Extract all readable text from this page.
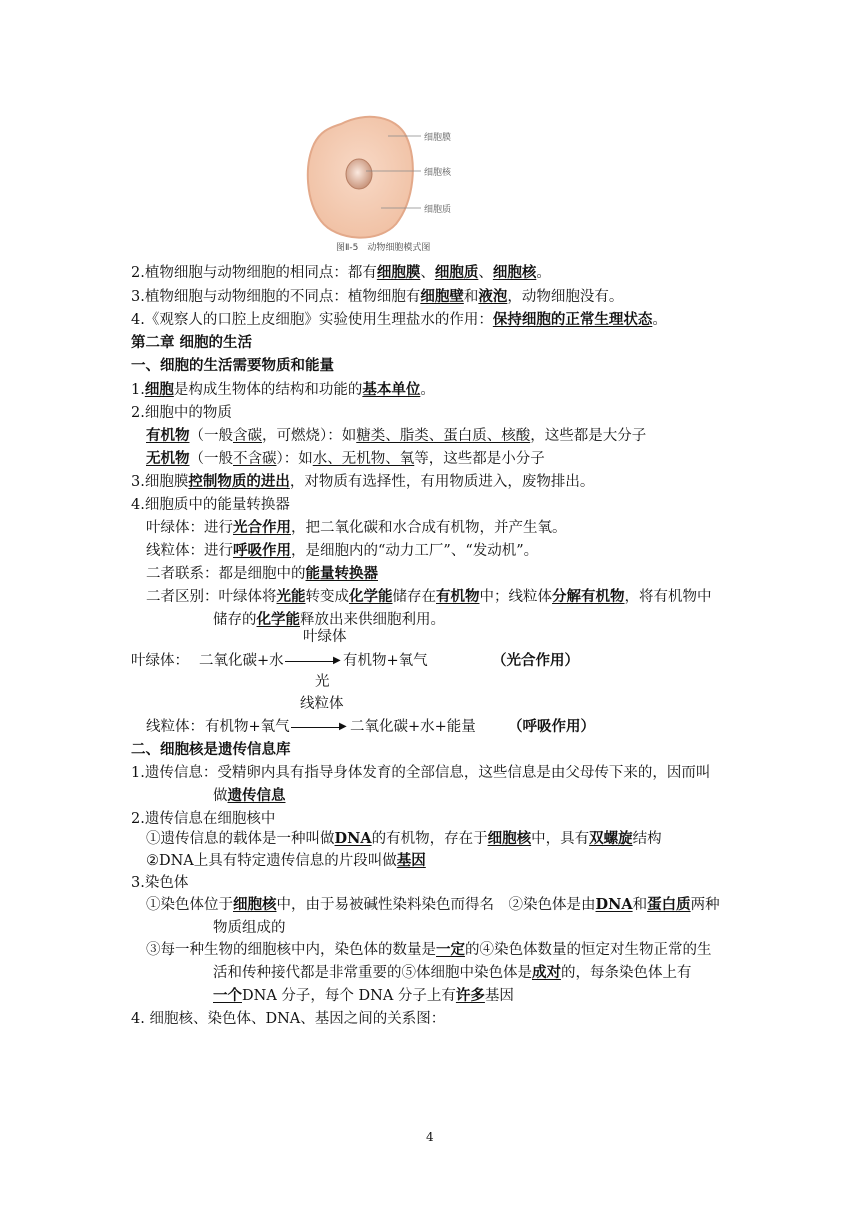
细胞膜
细胞核
细胞质
图Ⅱ-5　动物细胞模式图
2.植物细胞与动物细胞的相同点：都有细胞膜、细胞质、细胞核。
3.植物细胞与动物细胞的不同点：植物细胞有细胞壁和液泡，动物细胞没有。
4.《观察人的口腔上皮细胞》实验使用生理盐水的作用：保持细胞的正常生理状态。
第二章 细胞的生活
一、细胞的生活需要物质和能量
1.细胞是构成生物体的结构和功能的基本单位。
2.细胞中的物质
有机物（一般含碳，可燃烧）：如糖类、脂类、蛋白质、核酸，这些都是大分子
无机物（一般不含碳）：如水、无机物、氧等，这些都是小分子
3.细胞膜控制物质的进出，对物质有选择性，有用物质进入，废物排出。
4.细胞质中的能量转换器
叶绿体：进行光合作用，把二氧化碳和水合成有机物，并产生氧。
线粒体：进行呼吸作用，是细胞内的“动力工厂”、“发动机”。
二者联系：都是细胞中的能量转换器
二者区别：叶绿体将光能转变成化学能储存在有机物中；线粒体分解有机物，将有机物中
储存的化学能释放出来供细胞利用。
叶绿体
叶绿体： 二氧化碳+水	▶ 有机物+氧气	（光合作用）
光
线粒体
线粒体： 有机物+氧气	▶ 二氧化碳+水+能量 （呼吸作用）
二、细胞核是遗传信息库
1.遗传信息：受精卵内具有指导身体发育的全部信息，这些信息是由父母传下来的，因而叫
做遗传信息
2.遗传信息在细胞核中
①遗传信息的载体是一种叫做DNA的有机物，存在于细胞核中，具有双螺旋结构
②DNA上具有特定遗传信息的片段叫做基因
3.染色体
①染色体位于细胞核中，由于易被碱性染料染色而得名　②染色体是由DNA和蛋白质两种
物质组成的
③每一种生物的细胞核中内，染色体的数量是一定的④染色体数量的恒定对生物正常的生
活和传种接代都是非常重要的⑤体细胞中染色体是成对的，每条染色体上有
一个DNA 分子，每个 DNA 分子上有许多基因
4. 细胞核、染色体、DNA、基因之间的关系图：
4
